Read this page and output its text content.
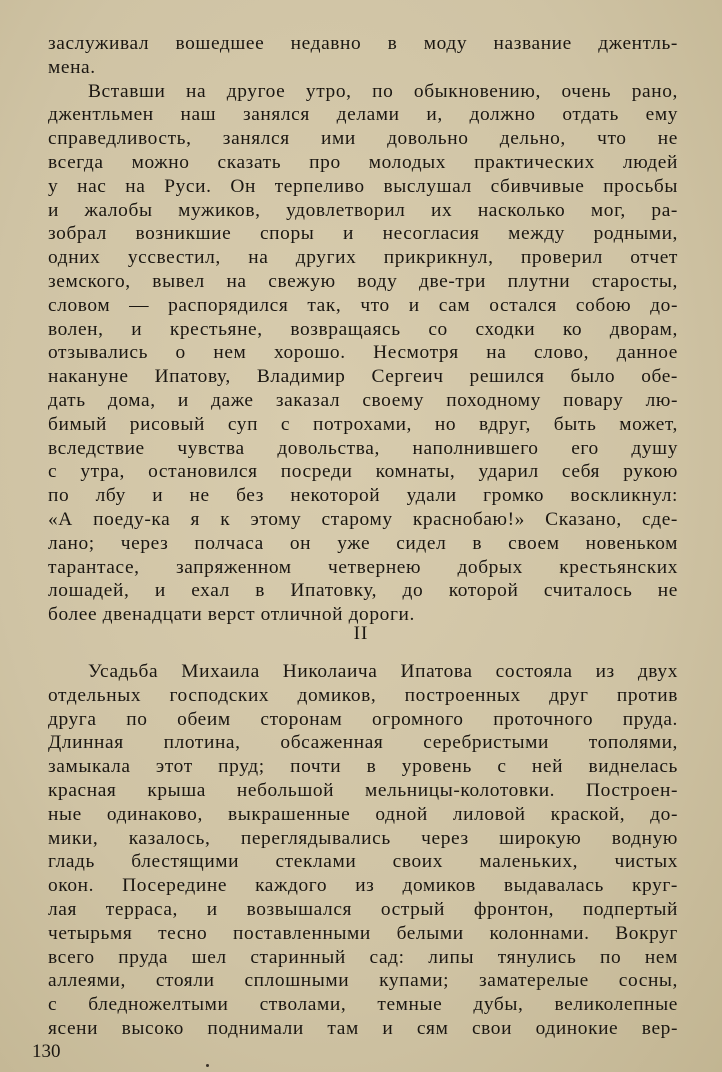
заслуживал вошедшее недавно в моду название джентль-
мена.
Вставши на другое утро, по обыкновению, очень рано,
джентльмен наш занялся делами и, должно отдать ему
справедливость, занялся ими довольно дельно, что не
всегда можно сказать про молодых практических людей
у нас на Руси. Он терпеливо выслушал сбивчивые просьбы
и жалобы мужиков, удовлетворил их насколько мог, ра-
зобрал возникшие споры и несогласия между родными,
одних уссвестил, на других прикрикнул, проверил отчет
земского, вывел на свежую воду две-три плутни старосты,
словом — распорядился так, что и сам остался собою до-
волен, и крестьяне, возвращаясь со сходки ко дворам,
отзывались о нем хорошо. Несмотря на слово, данное
накануне Ипатову, Владимир Сергеич решился было обе-
дать дома, и даже заказал своему походному повару лю-
бимый рисовый суп с потрохами, но вдруг, быть может,
вследствие чувства довольства, наполнившего его душу
с утра, остановился посреди комнаты, ударил себя рукою
по лбу и не без некоторой удали громко воскликнул:
«А поеду-ка я к этому старому краснобаю!» Сказано, сде-
лано; через полчаса он уже сидел в своем новеньком
тарантасе, запряженном четвернею добрых крестьянских
лошадей, и ехал в Ипатовку, до которой считалось не
более двенадцати верст отличной дороги.
II
Усадьба Михаила Николаича Ипатова состояла из двух
отдельных господских домиков, построенных друг против
друга по обеим сторонам огромного проточного пруда.
Длинная плотина, обсаженная серебристыми тополями,
замыкала этот пруд; почти в уровень с ней виднелась
красная крыша небольшой мельницы-колотовки. Построен-
ные одинаково, выкрашенные одной лиловой краской, до-
мики, казалось, переглядывались через широкую водную
гладь блестящими стеклами своих маленьких, чистых
окон. Посередине каждого из домиков выдавалась круг-
лая терраса, и возвышался острый фронтон, подпертый
четырьмя тесно поставленными белыми колоннами. Вокруг
всего пруда шел старинный сад: липы тянулись по нем
аллеями, стояли сплошными купами; заматерелые сосны,
с бледножелтыми стволами, темные дубы, великолепные
ясени высоко поднимали там и сям свои одинокие вер-
130
